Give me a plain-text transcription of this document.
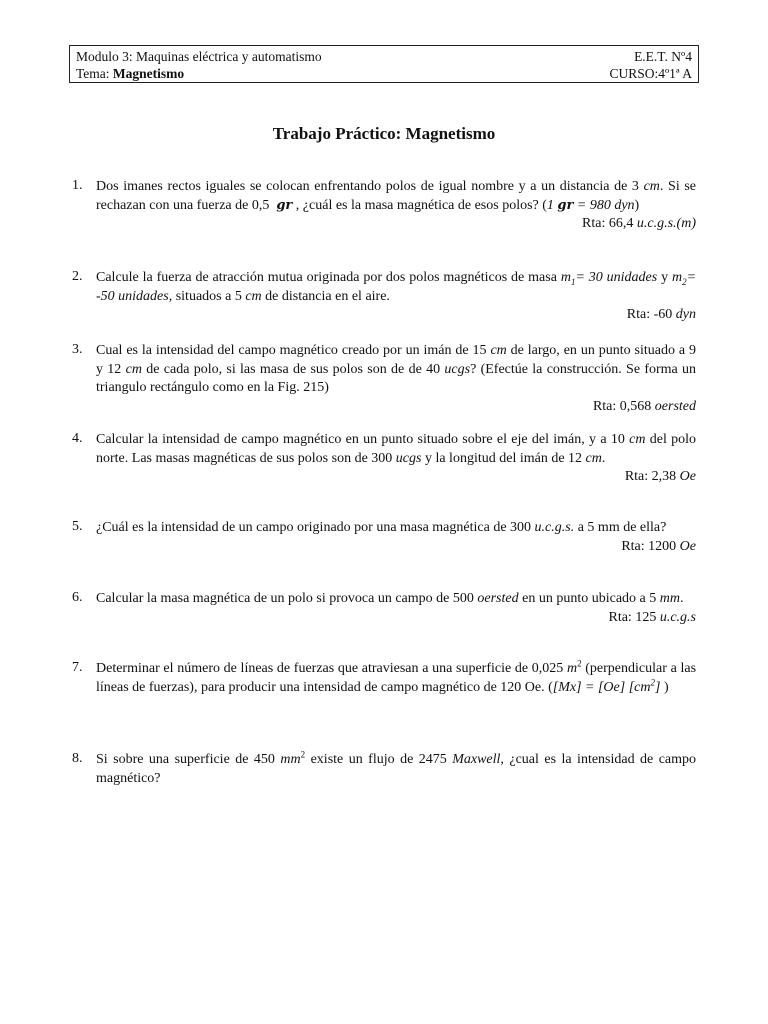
Modulo 3: Maquinas eléctrica y automatismo	E.E.T. Nº4
Tema: Magnetismo	CURSO:4º1ª A
Trabajo Práctico: Magnetismo
1. Dos imanes rectos iguales se colocan enfrentando polos de igual nombre y a un distancia de 3 cm. Si se rechazan con una fuerza de 0,5 gr , ¿cuál es la masa magnética de esos polos? (1 gr = 980 dyn)
Rta: 66,4 u.c.g.s.(m)
2. Calcule la fuerza de atracción mutua originada por dos polos magnéticos de masa $m_1= 30$ unidades y $m_2= -50$ unidades, situados a 5 cm de distancia en el aire.
Rta: -60 dyn
3. Cual es la intensidad del campo magnético creado por un imán de 15 cm de largo, en un punto situado a 9 y 12 cm de cada polo, si las masa de sus polos son de de 40 ucgs? (Efectúe la construcción. Se forma un triangulo rectángulo como en la Fig. 215)
Rta: 0,568 oersted
4. Calcular la intensidad de campo magnético en un punto situado sobre el eje del imán, y a 10 cm del polo norte. Las masas magnéticas de sus polos son de 300 ucgs y la longitud del imán de 12 cm.
Rta: 2,38 Oe
5. ¿Cuál es la intensidad de un campo originado por una masa magnética de 300 u.c.g.s. a 5 mm de ella?
Rta: 1200 Oe
6. Calcular la masa magnética de un polo si provoca un campo de 500 oersted en un punto ubicado a 5 mm.
Rta: 125 u.c.g.s
7. Determinar el número de líneas de fuerzas que atraviesan a una superficie de 0,025 $m^2$ (perpendicular a las líneas de fuerzas), para producir una intensidad de campo magnético de 120 Oe. ([Mx] = [Oe] $[cm^2]$ )
8. Si sobre una superficie de 450 $mm^2$ existe un flujo de 2475 Maxwell, ¿cual es la intensidad de campo magnético?
